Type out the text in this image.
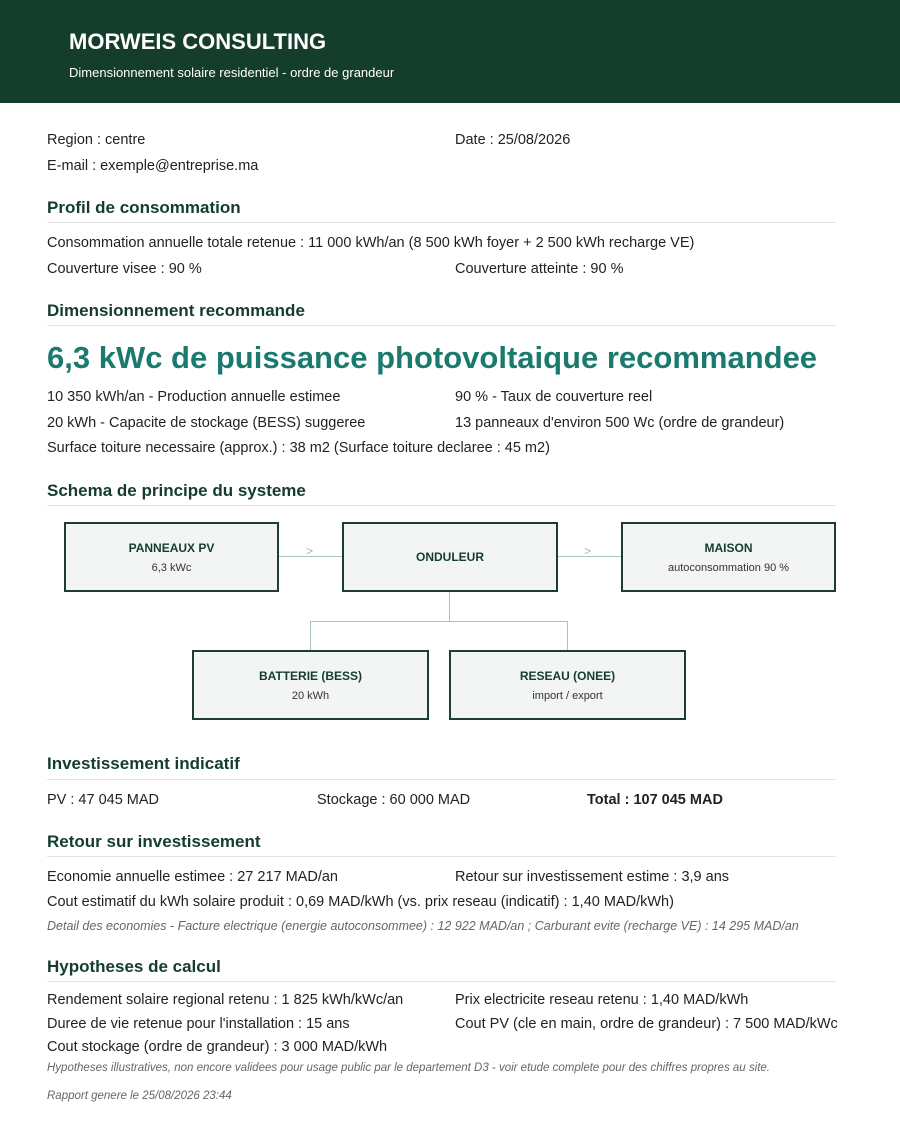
MORWEIS CONSULTING
Dimensionnement solaire residentiel - ordre de grandeur
Region : centre	Date : 25/08/2026
E-mail : exemple@entreprise.ma
Profil de consommation
Consommation annuelle totale retenue : 11 000 kWh/an (8 500 kWh foyer + 2 500 kWh recharge VE)
Couverture visee : 90 %	Couverture atteinte : 90 %
Dimensionnement recommande
6,3 kWc de puissance photovoltaique recommandee
10 350 kWh/an - Production annuelle estimee	90 % - Taux de couverture reel
20 kWh - Capacite de stockage (BESS) suggeree	13 panneaux d'environ 500 Wc (ordre de grandeur)
Surface toiture necessaire (approx.) : 38 m2 (Surface toiture declaree : 45 m2)
Schema de principe du systeme
>	>
PANNEAUX PV
6,3 kWc
ONDULEUR
MAISON
autoconsommation 90 %
BATTERIE (BESS)
20 kWh
RESEAU (ONEE)
import / export
Investissement indicatif
PV : 47 045 MAD	Stockage : 60 000 MAD	Total : 107 045 MAD
Retour sur investissement
Economie annuelle estimee : 27 217 MAD/an	Retour sur investissement estime : 3,9 ans
Cout estimatif du kWh solaire produit : 0,69 MAD/kWh (vs. prix reseau (indicatif) : 1,40 MAD/kWh)
Detail des economies - Facture electrique (energie autoconsommee) : 12 922 MAD/an ; Carburant evite (recharge VE) : 14 295 MAD/an
Hypotheses de calcul
Rendement solaire regional retenu : 1 825 kWh/kWc/an	Prix electricite reseau retenu : 1,40 MAD/kWh
Duree de vie retenue pour l'installation : 15 ans	Cout PV (cle en main, ordre de grandeur) : 7 500 MAD/kWc
Cout stockage (ordre de grandeur) : 3 000 MAD/kWh
Hypotheses illustratives, non encore validees pour usage public par le departement D3 - voir etude complete pour des chiffres propres au site.
Rapport genere le 25/08/2026 23:44
